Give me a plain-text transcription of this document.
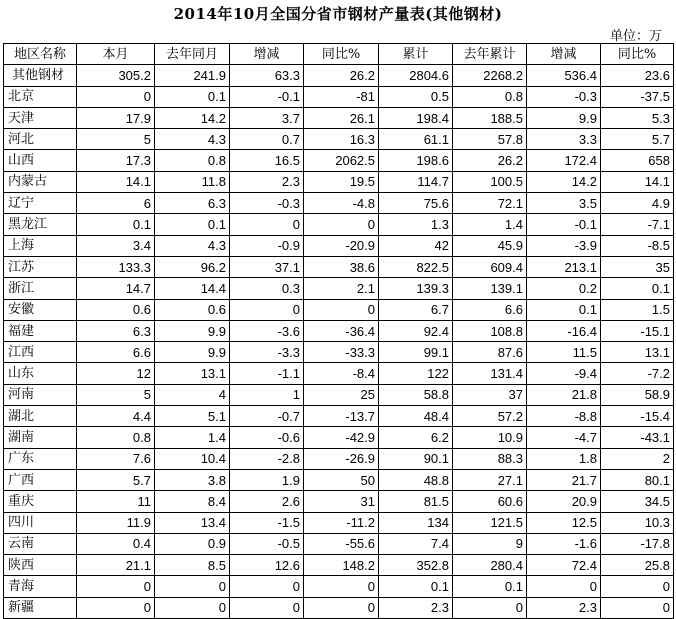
2014年10月全国分省市钢材产量表(其他钢材)
单位：万
地区名称	本月	去年同月	增减	同比%	累计	去年累计	增减	同比%
其他钢材	305.2	241.9	63.3	26.2	2804.6	2268.2	536.4	23.6
北京	0	0.1	-0.1	-81	0.5	0.8	-0.3	-37.5
天津	17.9	14.2	3.7	26.1	198.4	188.5	9.9	5.3
河北	5	4.3	0.7	16.3	61.1	57.8	3.3	5.7
山西	17.3	0.8	16.5	2062.5	198.6	26.2	172.4	658
内蒙古	14.1	11.8	2.3	19.5	114.7	100.5	14.2	14.1
辽宁	6	6.3	-0.3	-4.8	75.6	72.1	3.5	4.9
黑龙江	0.1	0.1	0	0	1.3	1.4	-0.1	-7.1
上海	3.4	4.3	-0.9	-20.9	42	45.9	-3.9	-8.5
江苏	133.3	96.2	37.1	38.6	822.5	609.4	213.1	35
浙江	14.7	14.4	0.3	2.1	139.3	139.1	0.2	0.1
安徽	0.6	0.6	0	0	6.7	6.6	0.1	1.5
福建	6.3	9.9	-3.6	-36.4	92.4	108.8	-16.4	-15.1
江西	6.6	9.9	-3.3	-33.3	99.1	87.6	11.5	13.1
山东	12	13.1	-1.1	-8.4	122	131.4	-9.4	-7.2
河南	5	4	1	25	58.8	37	21.8	58.9
湖北	4.4	5.1	-0.7	-13.7	48.4	57.2	-8.8	-15.4
湖南	0.8	1.4	-0.6	-42.9	6.2	10.9	-4.7	-43.1
广东	7.6	10.4	-2.8	-26.9	90.1	88.3	1.8	2
广西	5.7	3.8	1.9	50	48.8	27.1	21.7	80.1
重庆	11	8.4	2.6	31	81.5	60.6	20.9	34.5
四川	11.9	13.4	-1.5	-11.2	134	121.5	12.5	10.3
云南	0.4	0.9	-0.5	-55.6	7.4	9	-1.6	-17.8
陕西	21.1	8.5	12.6	148.2	352.8	280.4	72.4	25.8
青海	0	0	0	0	0.1	0.1	0	0
新疆	0	0	0	0	2.3	0	2.3	0
